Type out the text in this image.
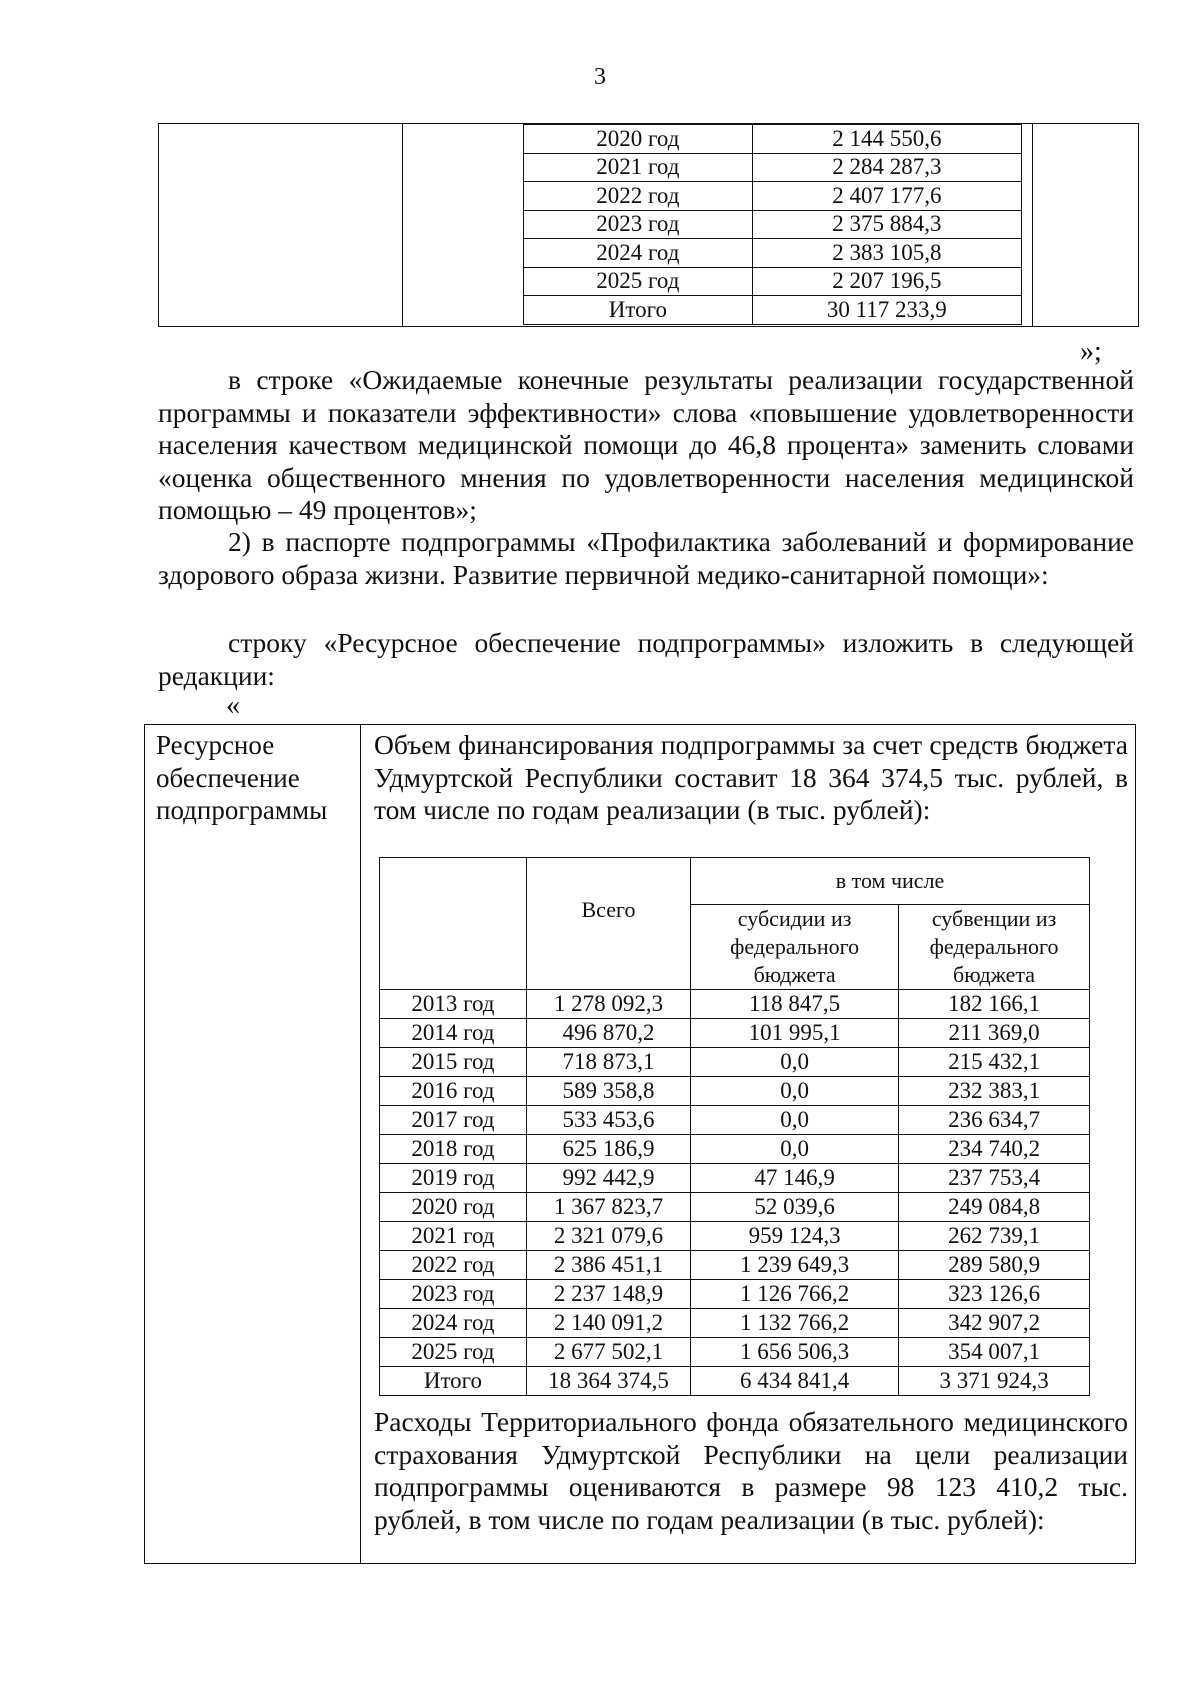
3
2020 год	2 144 550,6
2021 год	2 284 287,3
2022 год	2 407 177,6
2023 год	2 375 884,3
2024 год	2 383 105,8
2025 год	2 207 196,5
Итого	30 117 233,9
»;
в строке «Ожидаемые конечные результаты реализации государственной программы и показатели эффективности» слова «повышение удовлетворенности населения качеством медицинской помощи до 46,8 процента» заменить словами «оценка общественного мнения по удовлетворенности населения медицинской помощью – 49 процентов»;
2) в паспорте подпрограммы «Профилактика заболеваний и формирование здорового образа жизни. Развитие первичной медико-санитарной помощи»:
строку «Ресурсное обеспечение подпрограммы» изложить в следующей редакции:
«
Ресурсное обеспечение подпрограммы
Объем финансирования подпрограммы за счет средств бюджета Удмуртской Республики составит 18 364 374,5 тыс. рублей, в том числе по годам реализации (в тыс. рублей):
	Всего	в том числе	
		субсидии из федерального бюджета	субвенции из федерального бюджета
2013 год	1 278 092,3	118 847,5	182 166,1
2014 год	496 870,2	101 995,1	211 369,0
2015 год	718 873,1	0,0	215 432,1
2016 год	589 358,8	0,0	232 383,1
2017 год	533 453,6	0,0	236 634,7
2018 год	625 186,9	0,0	234 740,2
2019 год	992 442,9	47 146,9	237 753,4
2020 год	1 367 823,7	52 039,6	249 084,8
2021 год	2 321 079,6	959 124,3	262 739,1
2022 год	2 386 451,1	1 239 649,3	289 580,9
2023 год	2 237 148,9	1 126 766,2	323 126,6
2024 год	2 140 091,2	1 132 766,2	342 907,2
2025 год	2 677 502,1	1 656 506,3	354 007,1
Итого	18 364 374,5	6 434 841,4	3 371 924,3
Расходы Территориального фонда обязательного медицинского страхования Удмуртской Республики на цели реализации подпрограммы оцениваются в размере 98 123 410,2 тыс. рублей, в том числе по годам реализации (в тыс. рублей):
